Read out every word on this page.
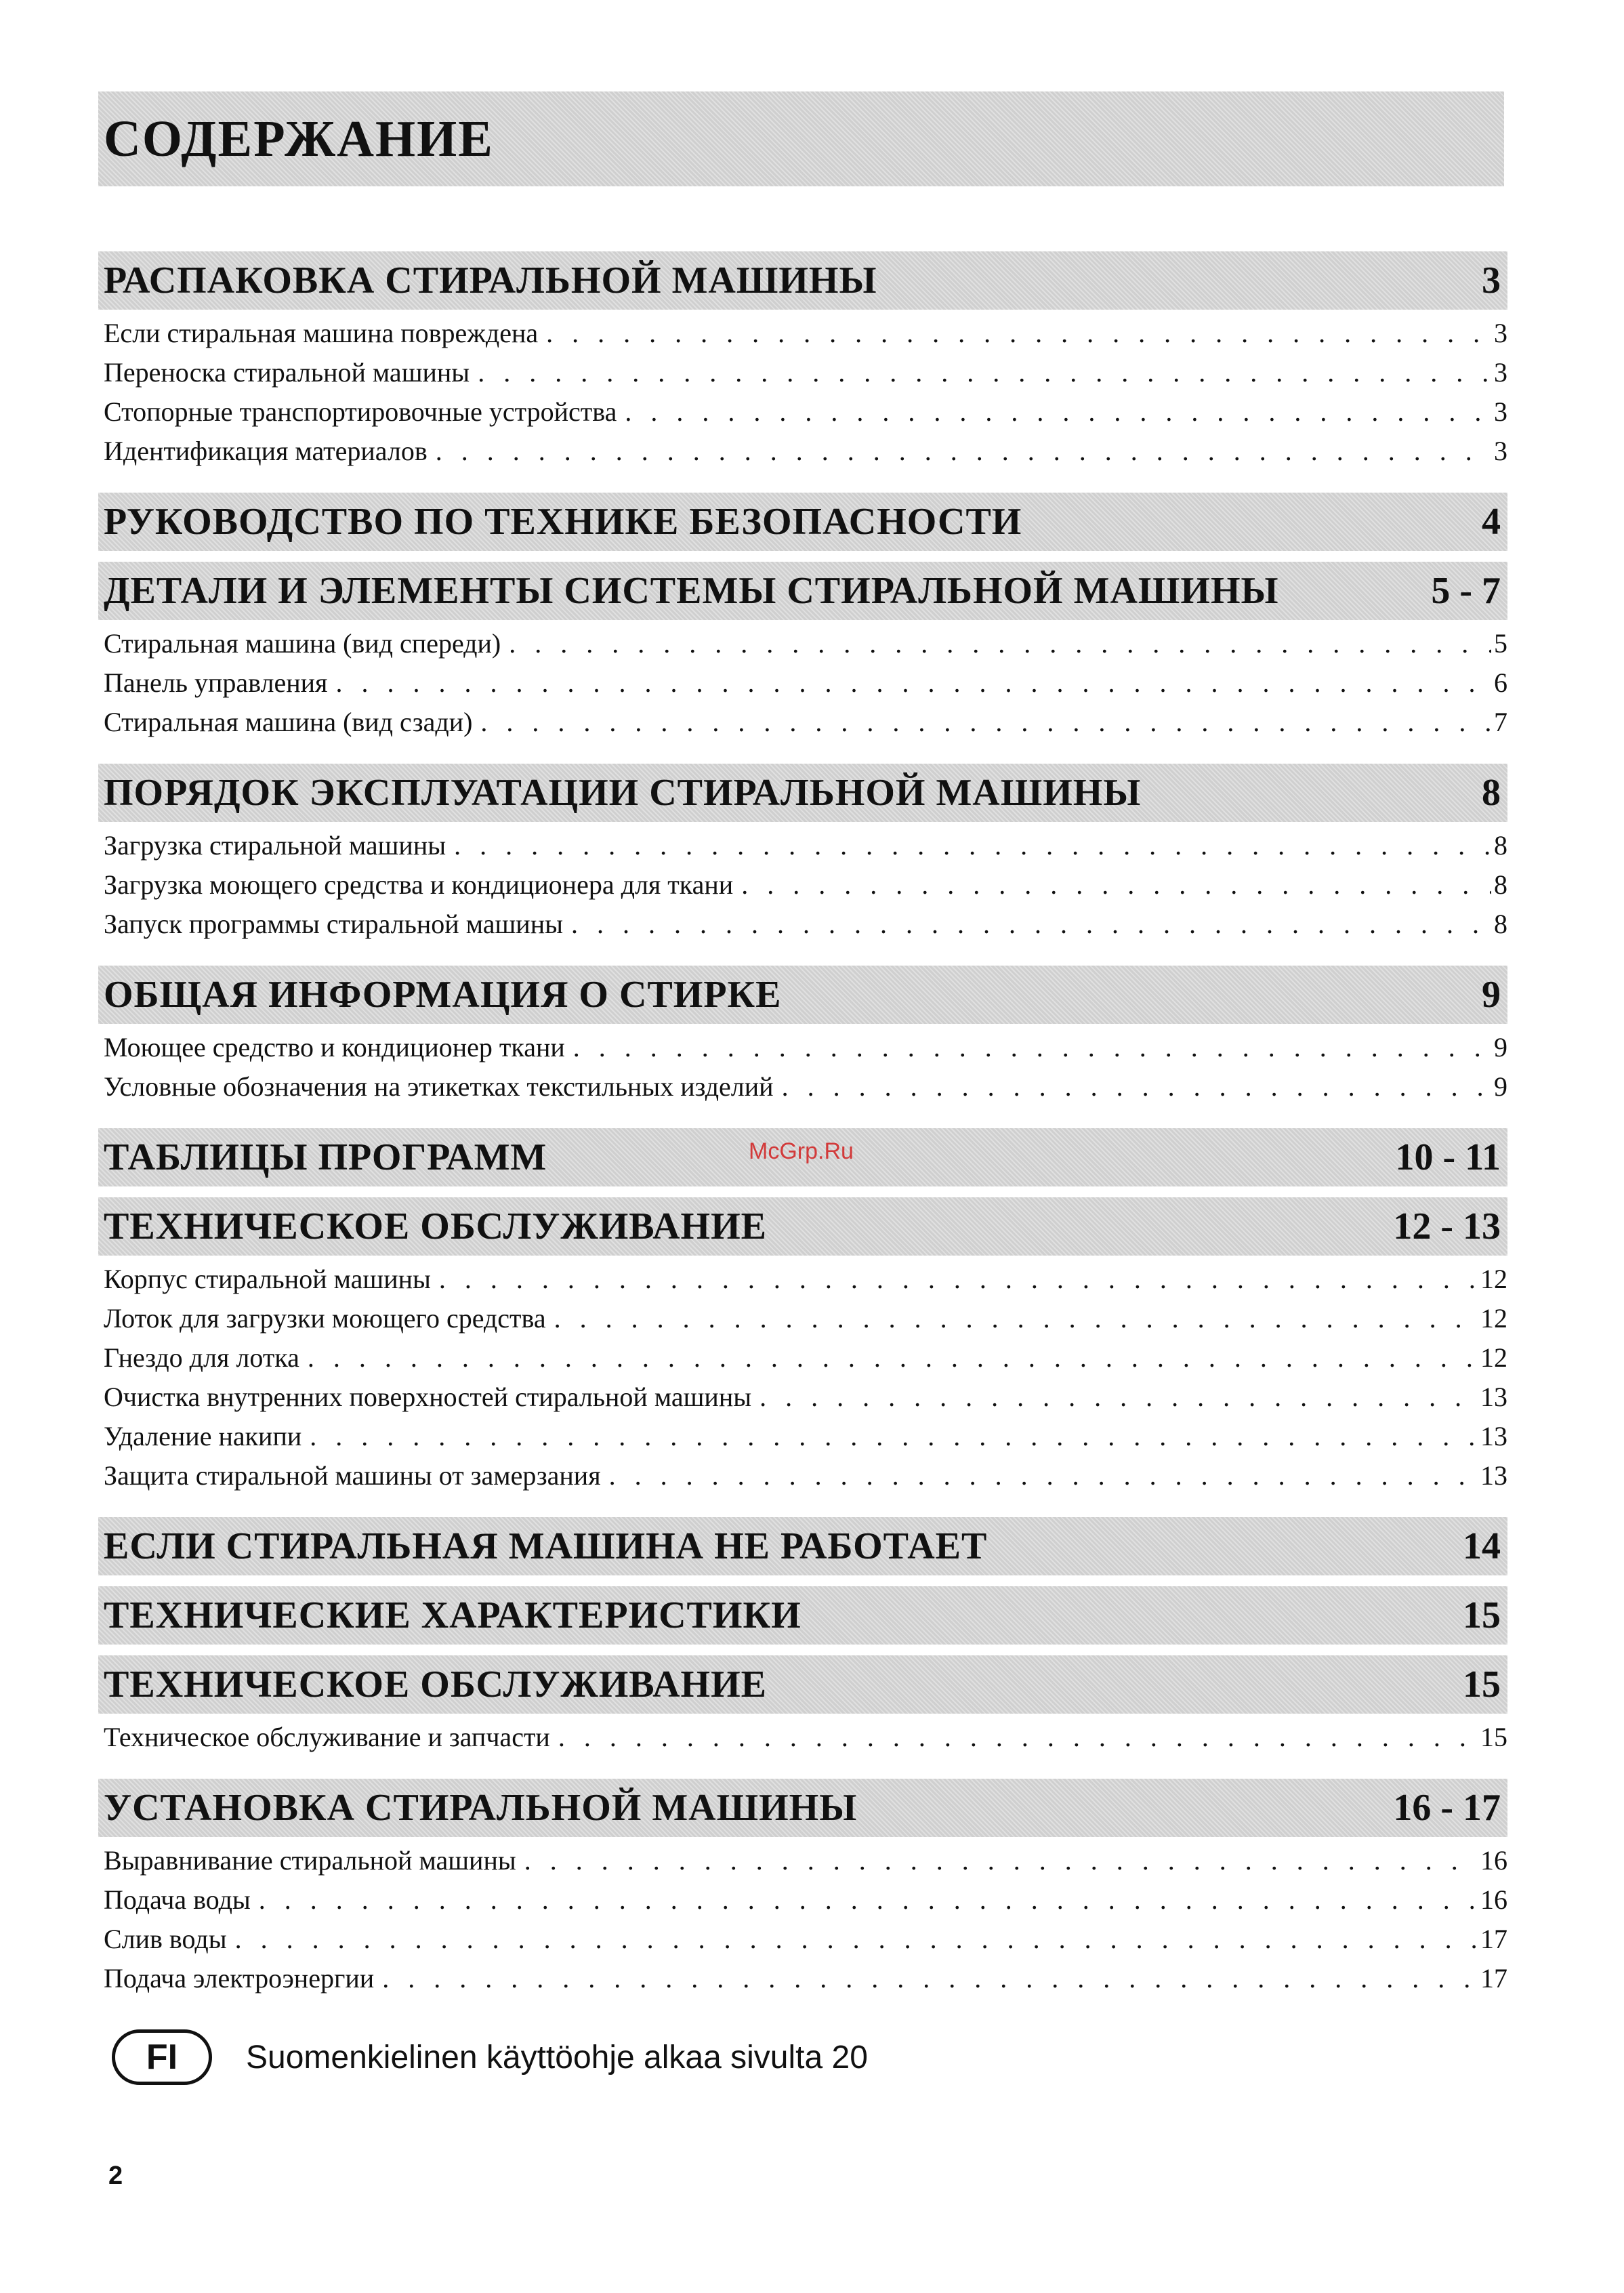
СОДЕРЖАНИЕ
РАСПАКОВКА СТИРАЛЬНОЙ МАШИНЫ	3
Если стиральная машина повреждена . . .	3
Переноска стиральной машины . . .	3
Стопорные транспортировочные устройства . . .	3
Идентификация материалов . . .	3
РУКОВОДСТВО ПО ТЕХНИКЕ БЕЗОПАСНОСТИ	4
ДЕТАЛИ И ЭЛЕМЕНТЫ СИСТЕМЫ СТИРАЛЬНОЙ МАШИНЫ	5 - 7
Стиральная машина (вид спереди) . . .	5
Панель управления . . .	6
Стиральная машина (вид сзади) . . .	7
ПОРЯДОК ЭКСПЛУАТАЦИИ СТИРАЛЬНОЙ МАШИНЫ	8
Загрузка стиральной машины . . .	8
Загрузка моющего средства и кондиционера для ткани . . .	8
Запуск программы стиральной машины . . .	8
ОБЩАЯ ИНФОРМАЦИЯ О СТИРКЕ	9
Моющее средство и кондиционер ткани . . .	9
Условные обозначения на этикетках текстильных изделий . . .	9
ТАБЛИЦЫ ПРОГРАММ	10 - 11
ТЕХНИЧЕСКОЕ ОБСЛУЖИВАНИЕ	12 - 13
Корпус стиральной машины . . .	12
Лоток для загрузки моющего средства . . .	12
Гнездо для лотка . . .	12
Очистка внутренних поверхностей стиральной машины . . .	13
Удаление накипи . . .	13
Защита стиральной машины от замерзания . . .	13
ЕСЛИ СТИРАЛЬНАЯ МАШИНА НЕ РАБОТАЕТ	14
ТЕХНИЧЕСКИЕ ХАРАКТЕРИСТИКИ	15
ТЕХНИЧЕСКОЕ ОБСЛУЖИВАНИЕ	15
Техническое обслуживание и запчасти . . .	15
УСТАНОВКА СТИРАЛЬНОЙ МАШИНЫ	16 - 17
Выравнивание стиральной машины . . .	16
Подача воды . . .	16
Слив воды . . .	17
Подача электроэнергии . . .	17
McGrp.Ru
FI	Suomenkielinen käyttöohje alkaa sivulta 20
2
